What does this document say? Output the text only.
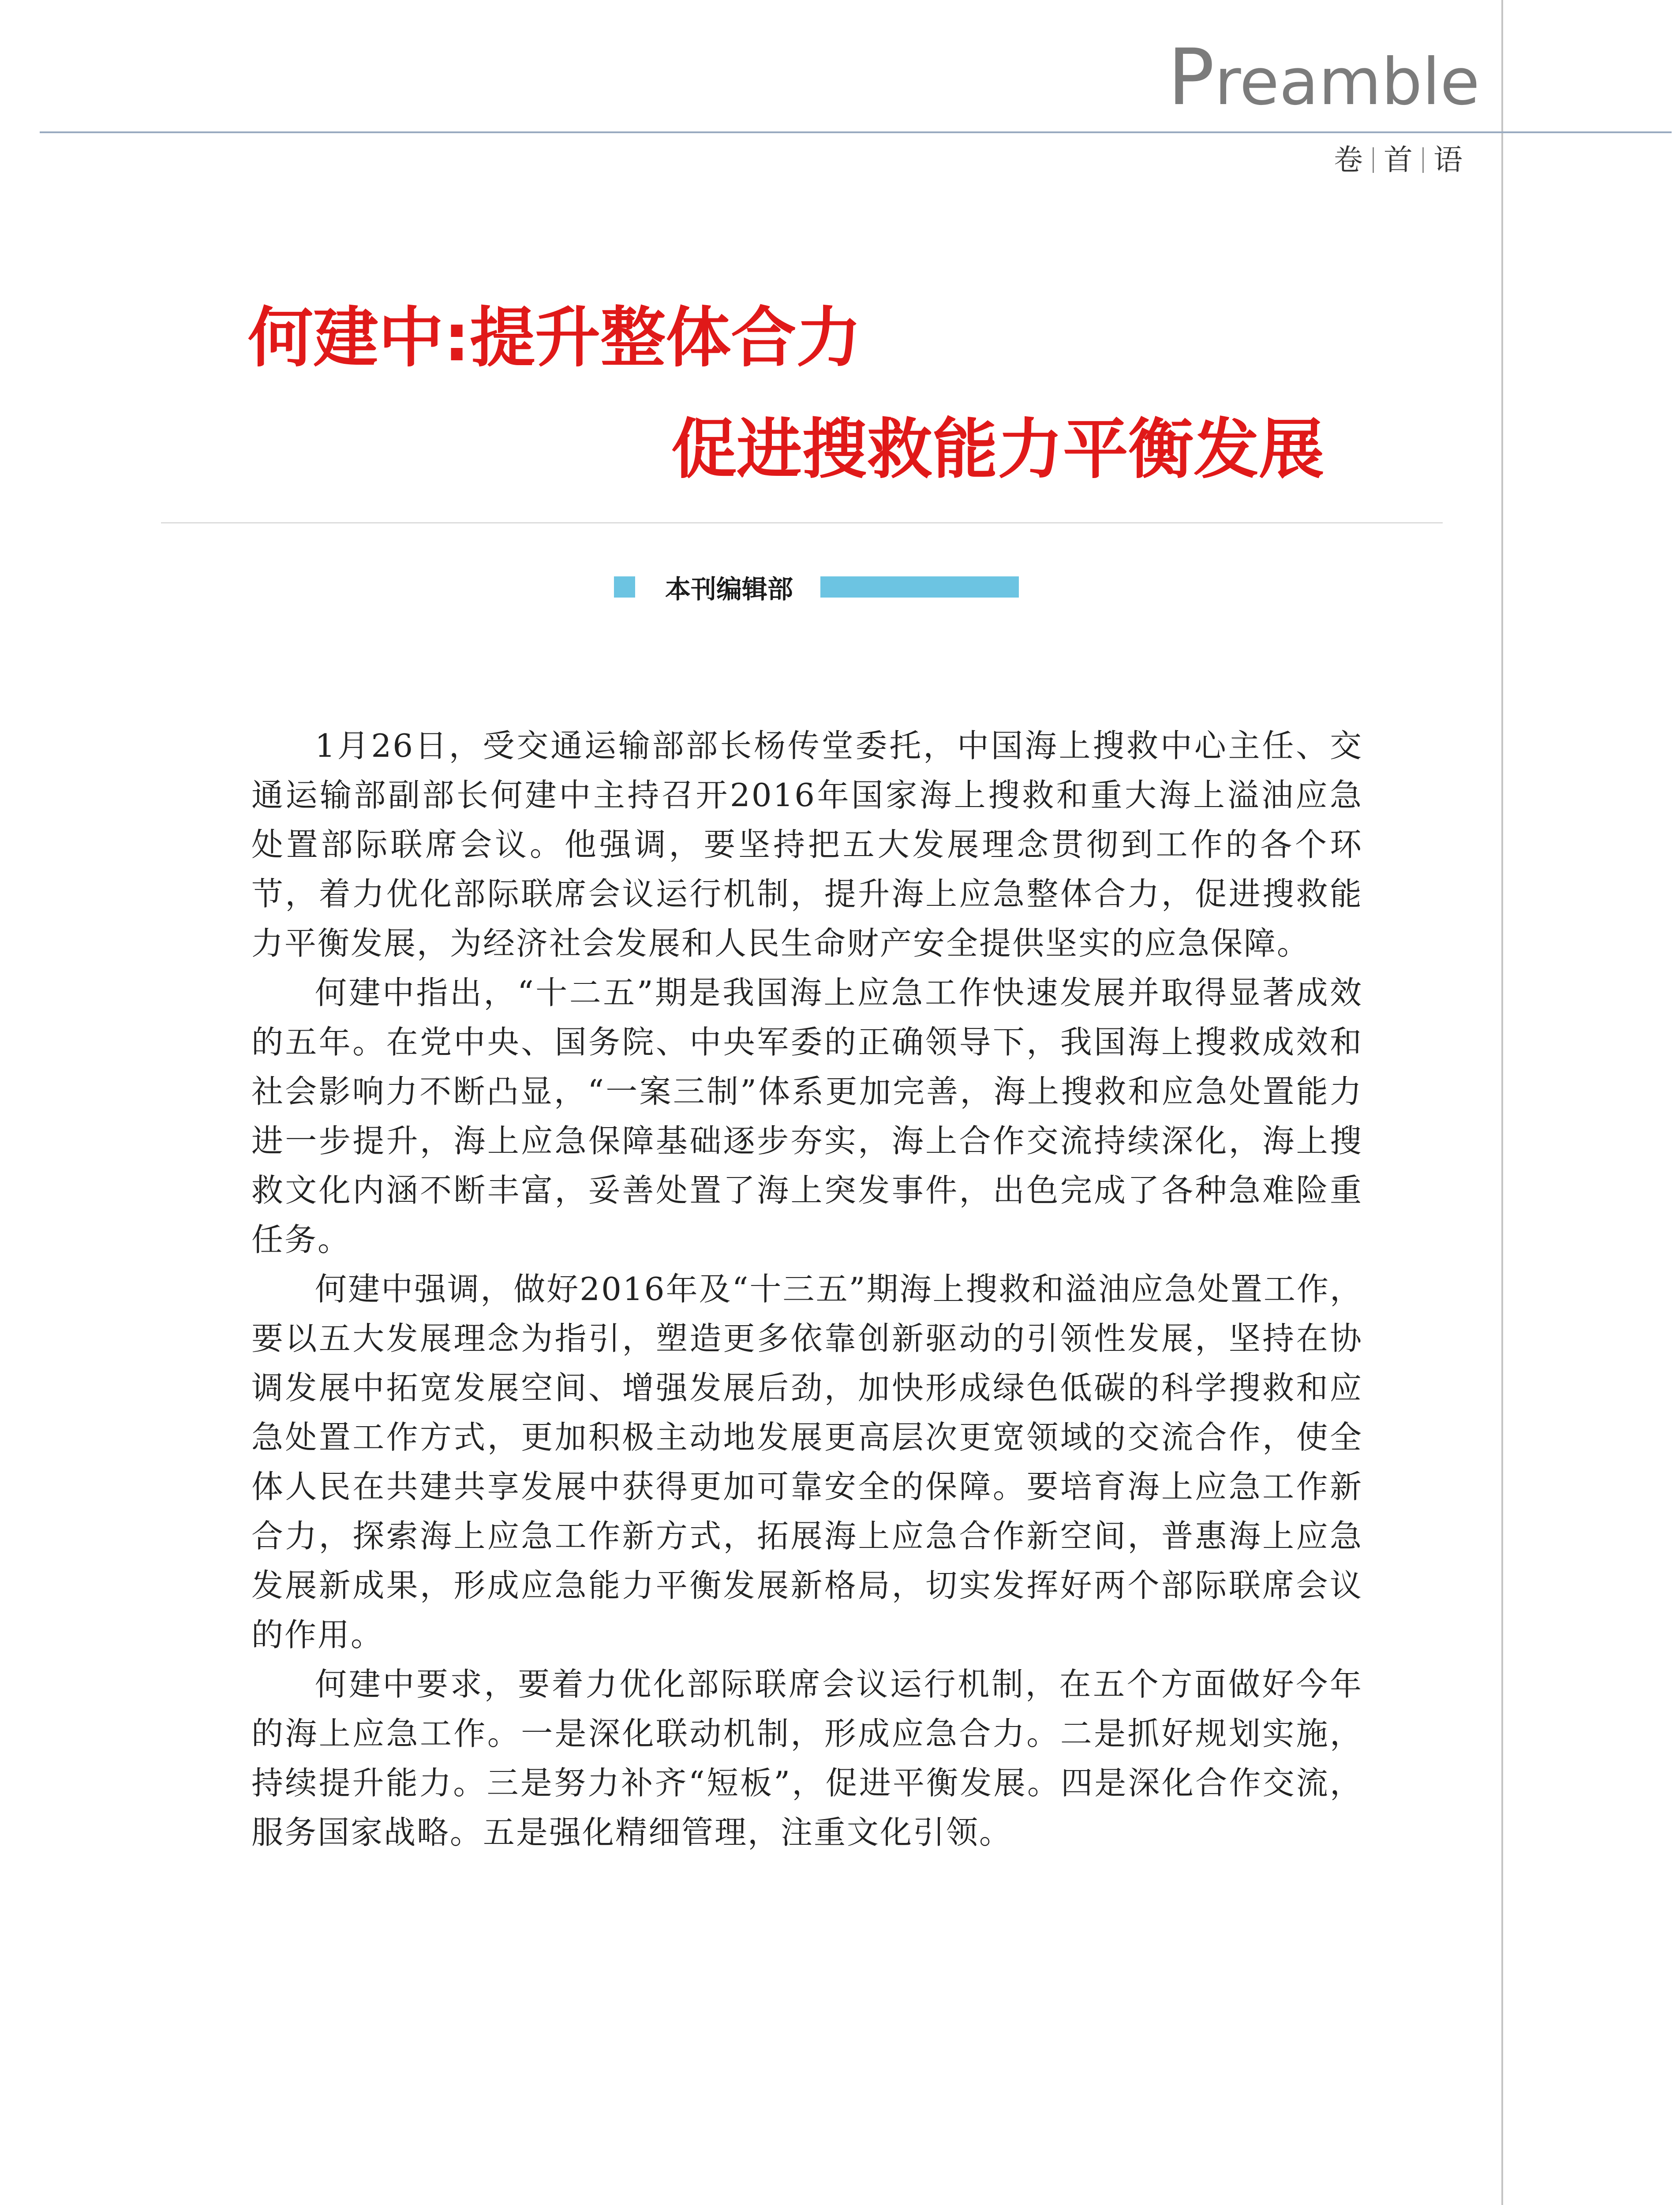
Preamble
卷 首 语
何建中:提升整体合力
促进搜救能力平衡发展
本刊编辑部

1月26日，受交通运输部部长杨传堂委托，中国海上搜救中心主任、交通运输部副部长何建中主持召开2016年国家海上搜救和重大海上溢油应急处置部际联席会议。他强调，要坚持把五大发展理念贯彻到工作的各个环节，着力优化部际联席会议运行机制，提升海上应急整体合力，促进搜救能力平衡发展，为经济社会发展和人民生命财产安全提供坚实的应急保障。

何建中指出，“十二五”期是我国海上应急工作快速发展并取得显著成效的五年。在党中央、国务院、中央军委的正确领导下，我国海上搜救成效和社会影响力不断凸显，“一案三制”体系更加完善，海上搜救和应急处置能力进一步提升，海上应急保障基础逐步夯实，海上合作交流持续深化，海上搜救文化内涵不断丰富，妥善处置了海上突发事件，出色完成了各种急难险重任务。

何建中强调，做好2016年及“十三五”期海上搜救和溢油应急处置工作，要以五大发展理念为指引，塑造更多依靠创新驱动的引领性发展，坚持在协调发展中拓宽发展空间、增强发展后劲，加快形成绿色低碳的科学搜救和应急处置工作方式，更加积极主动地发展更高层次更宽领域的交流合作，使全体人民在共建共享发展中获得更加可靠安全的保障。要培育海上应急工作新合力，探索海上应急工作新方式，拓展海上应急合作新空间，普惠海上应急发展新成果，形成应急能力平衡发展新格局，切实发挥好两个部际联席会议的作用。

何建中要求，要着力优化部际联席会议运行机制，在五个方面做好今年的海上应急工作。一是深化联动机制，形成应急合力。二是抓好规划实施，持续提升能力。三是努力补齐“短板”，促进平衡发展。四是深化合作交流，服务国家战略。五是强化精细管理，注重文化引领。
